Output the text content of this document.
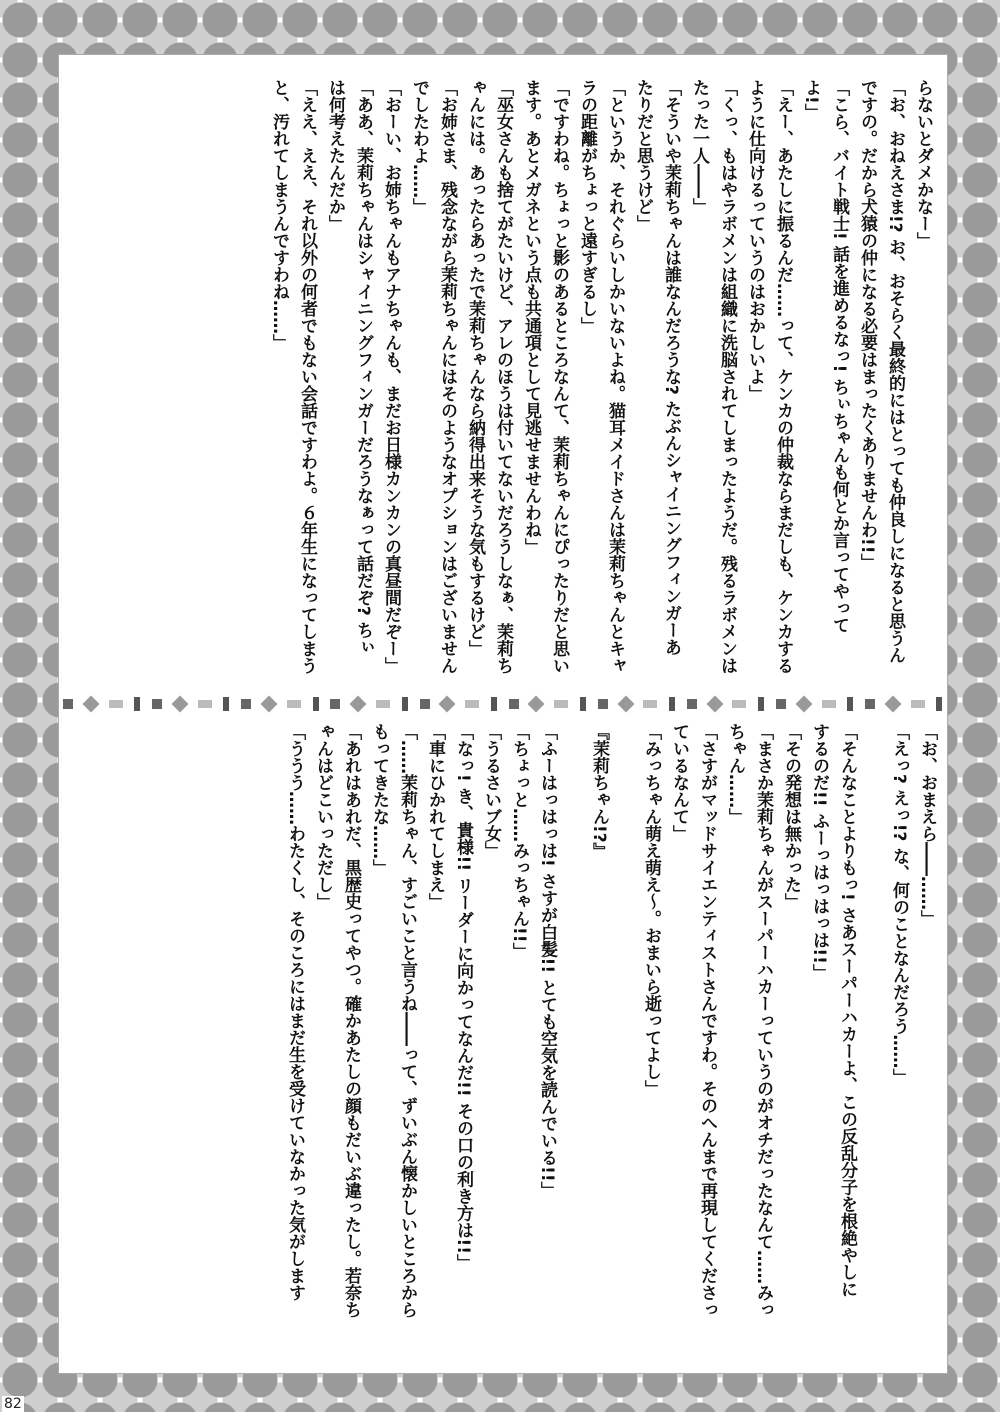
らないとダメかなー」
「お、おねえさま!? お、おそらく最終的にはとっても仲良しになると思うん
ですの。だから犬猿の仲になる必要はまったくありませんわ!!」
「こら、バイト戦士! 話を進めるなっ! ちぃちゃんも何とか言ってやって
よ!」
「えー、あたしに振るんだ……って、ケンカの仲裁ならまだしも、ケンカする
ように仕向けるっていうのはおかしいよ」
「くっ、もはやラボメンは組織に洗脳されてしまったようだ。残るラボメンは
たった一人――」
「そういや茉莉ちゃんは誰なんだろうな? たぶんシャイニングフィンガーあ
たりだと思うけど」
「というか、それぐらいしかいないよね。猫耳メイドさんは茉莉ちゃんとキャ
ラの距離がちょっと遠すぎるし」
「ですわね。ちょっと影のあるところなんて、茉莉ちゃんにぴったりだと思い
ます。あとメガネという点も共通項として見逃せませんわね」
「巫女さんも捨てがたいけど、アレのほうは付いてないだろうしなぁ、茉莉ち
ゃんには。あったらあったで茉莉ちゃんなら納得出来そうな気もするけど」
「お姉さま、残念ながら茉莉ちゃんにはそのようなオプションはございません
でしたわよ……」
「おーい、お姉ちゃんもアナちゃんも、まだお日様カンカンの真昼間だぞー」
「ああ、茉莉ちゃんはシャイニングフィンガーだろうなぁって話だぞ? ちぃ
は何考えたんだか」
「ええ、ええ、それ以外の何者でもない会話ですわよ。６年生になってしまう
と、汚れてしまうんですわね……」
「お、おまえら――……」
「えっ? えっ!? な、何のことなんだろう……」
「そんなことよりもっ! さあスーパーハカーよ、この反乱分子を根絶やしに
するのだ!! ふーっはっはっは!!」
「その発想は無かった」
「まさか茉莉ちゃんがスーパーハカーっていうのがオチだったなんて……みっ
ちゃん……」
「さすがマッドサイエンティストさんですわ。そのへんまで再現してくださっ
ているなんて」
「みっちゃん萌え萌え～。おまいら逝ってよし」
『茉莉ちゃん!?』
「ふーはっはっは! さすが白髪!! とても空気を読んでいる!!」
「ちょっと……みっちゃん!!」
「うるさいブ女」
「なっ! き、貴様!! リーダーに向かってなんだ!! その口の利き方は!!」
「車にひかれてしまえ」
「……茉莉ちゃん、すごいこと言うね――って、ずいぶん懐かしいところから
もってきたな……」
「あれはあれだ、黒歴史ってやつ。確かあたしの顔もだいぶ違ったし。若奈ち
ゃんはどこいっただし」
「ううう……わたくし、そのころにはまだ生を受けていなかった気がします
82
